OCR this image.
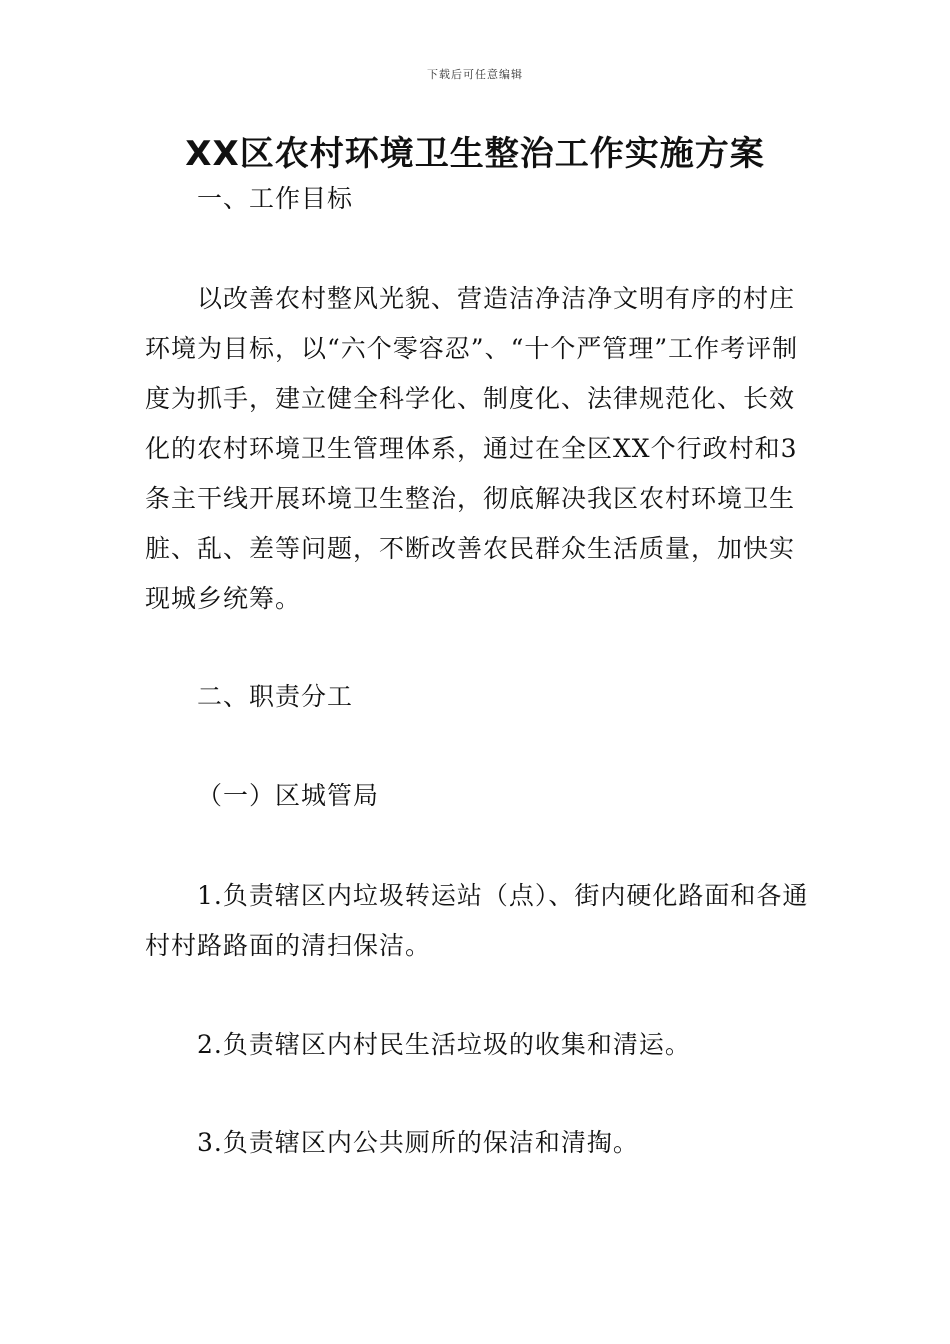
下载后可任意编辑
XX区农村环境卫生整治工作实施方案
一、工作目标
以改善农村整风光貌、营造洁净洁净文明有序的村庄环境为目标，以“六个零容忍”、“十个严管理”工作考评制度为抓手，建立健全科学化、制度化、法律规范化、长效化的农村环境卫生管理体系，通过在全区XX个行政村和3条主干线开展环境卫生整治，彻底解决我区农村环境卫生脏、乱、差等问题，不断改善农民群众生活质量，加快实现城乡统筹。
二、职责分工
（一）区城管局
1.负责辖区内垃圾转运站（点）、街内硬化路面和各通村村路路面的清扫保洁。
2.负责辖区内村民生活垃圾的收集和清运。
3.负责辖区内公共厕所的保洁和清掏。
